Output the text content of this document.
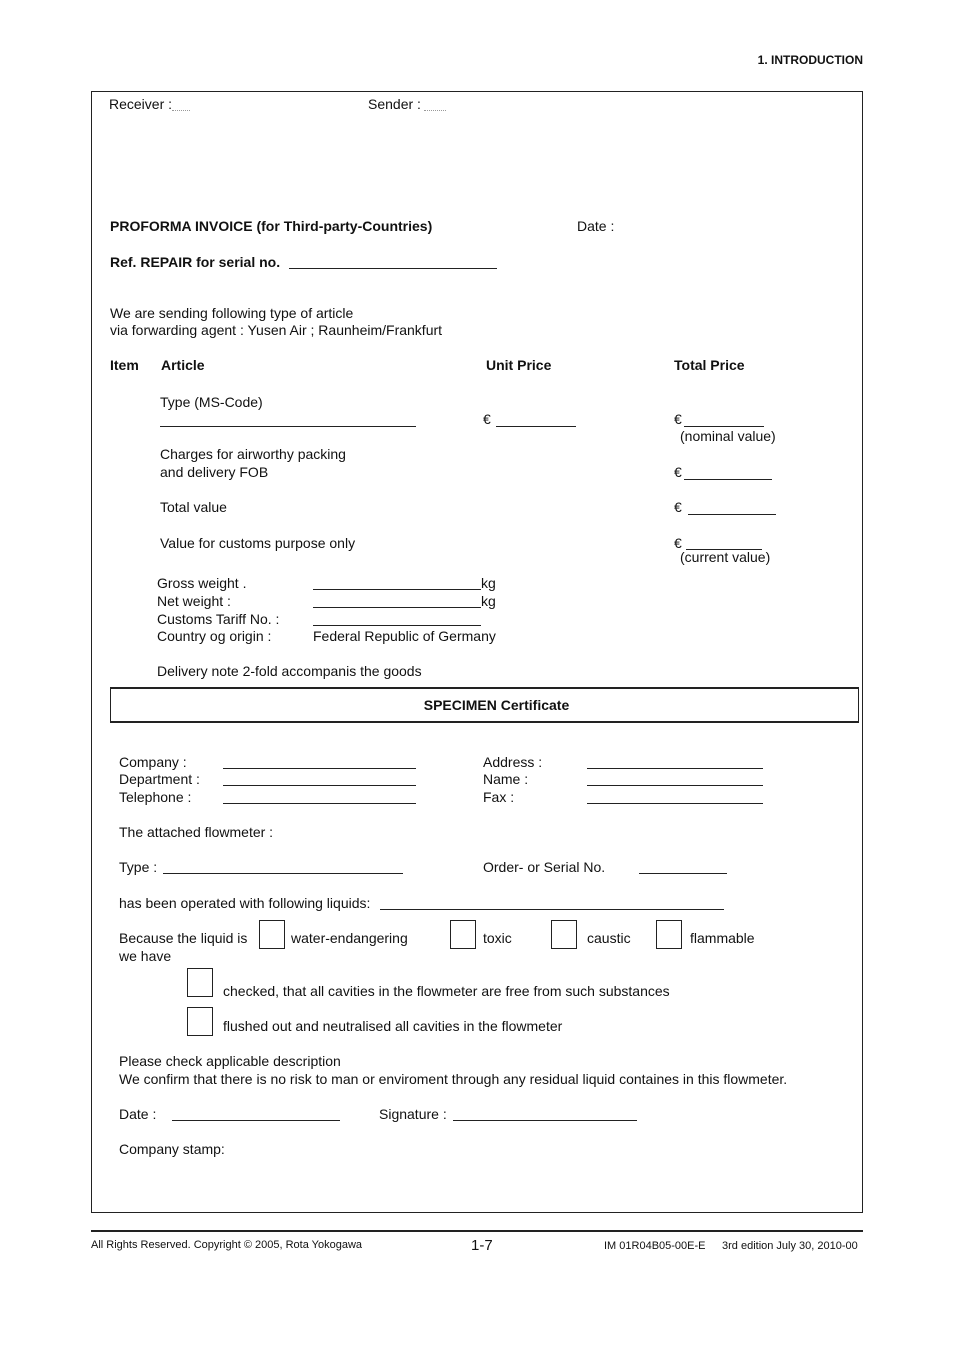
1. INTRODUCTION
Receiver :	Sender :
PROFORMA INVOICE (for Third-party-Countries)	Date :
Ref. REPAIR for serial no.
We are sending following type of article
via forwarding agent : Yusen Air ; Raunheim/Frankfurt
Item Article	Unit Price	Total Price
Type (MS-Code)
€	€
(nominal value)
Charges for airworthy packing
and delivery FOB	€
Total value	€
Value for customs purpose only	€
(current value)
Gross weight .	kg
Net weight :	kg
Customs Tariff No. :
Country og origin :	Federal Republic of Germany
Delivery note 2-fold accompanis the goods
SPECIMEN Certificate
Company :
Department :
Telephone :
Address :
Name :
Fax :
The attached flowmeter :
Type :	Order- or Serial No.
has been operated with following liquids:
Because the liquid is
we have
water-endangering	toxic	caustic	flammable
checked, that all cavities in the flowmeter are free from such substances
flushed out and neutralised all cavities in the flowmeter
Please check applicable description
We confirm that there is no risk to man or enviroment through any residual liquid containes in this flowmeter.
Date :	Signature :
Company stamp:
All Rights Reserved. Copyright © 2005, Rota Yokogawa	1-7	IM 01R04B05-00E-E 3rd edition July 30, 2010-00
